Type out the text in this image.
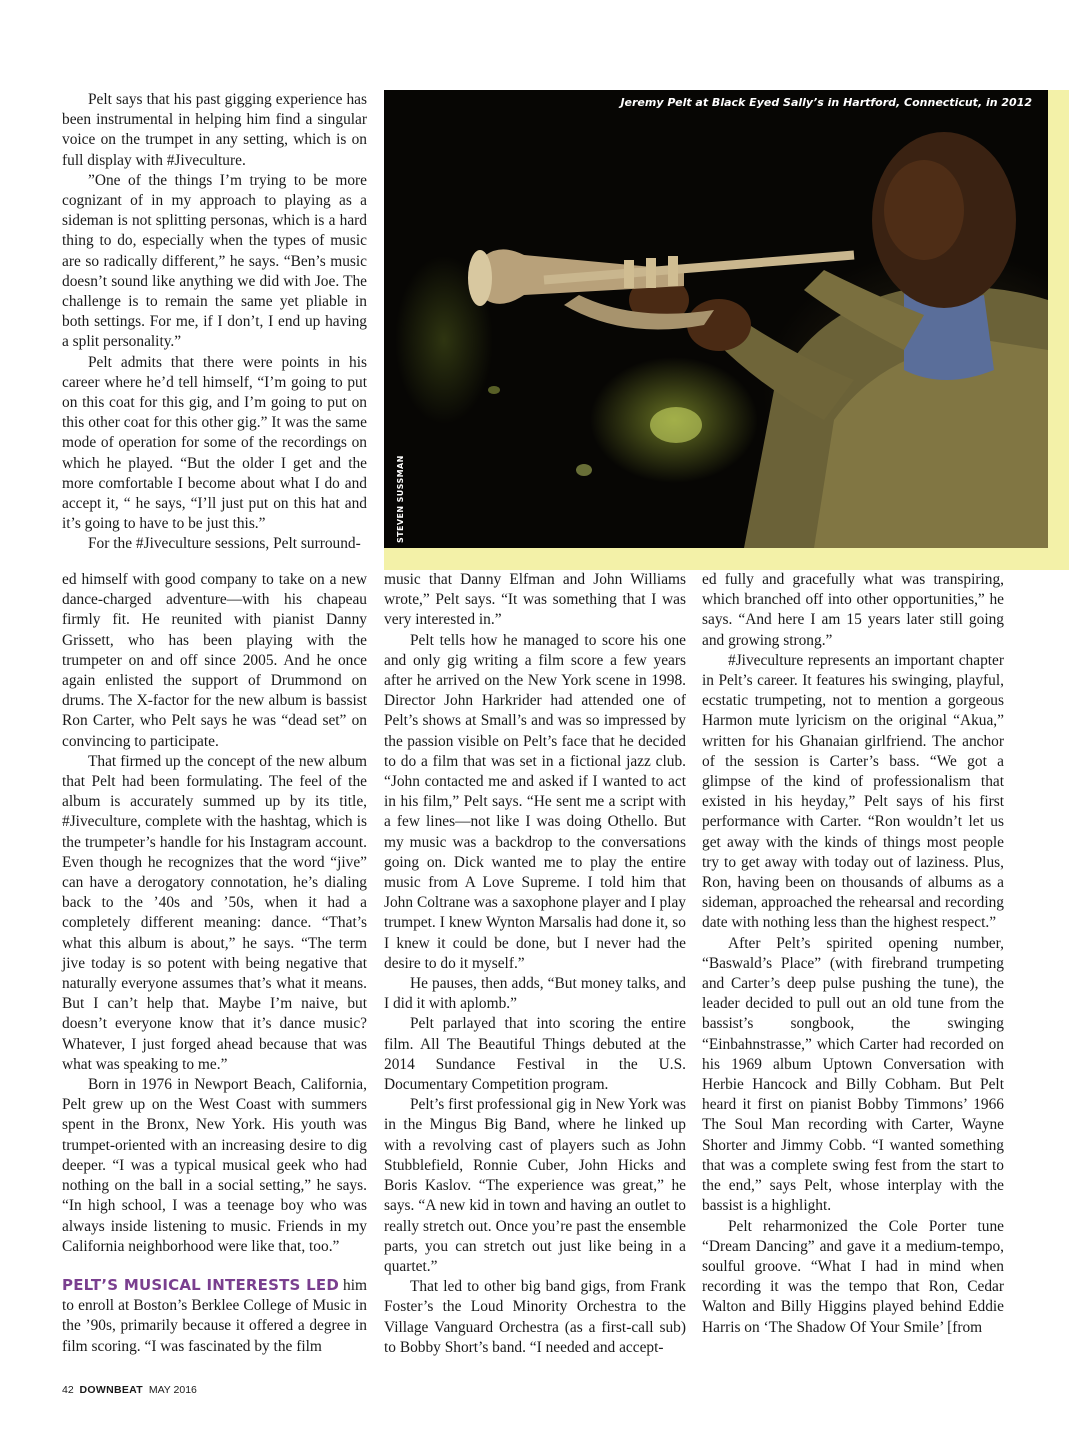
Jeremy Pelt at Black Eyed Sally’s in Hartford, Connecticut, in 2012
STEVEN SUSSMAN

Pelt says that his past gigging experience has been instrumental in helping him find a singular voice on the trumpet in any setting, which is on full display with #Jiveculture.

”One of the things I’m trying to be more cognizant of in my approach to playing as a sideman is not splitting personas, which is a hard thing to do, especially when the types of music are so radically different,” he says. “Ben’s music doesn’t sound like anything we did with Joe. The challenge is to remain the same yet pliable in both settings. For me, if I don’t, I end up having a split personality.”

Pelt admits that there were points in his career where he’d tell himself, “I’m going to put on this coat for this gig, and I’m going to put on this other coat for this other gig.” It was the same mode of operation for some of the recordings on which he played. “But the older I get and the more comfortable I become about what I do and accept it, “ he says, “I’ll just put on this hat and it’s going to have to be just this.”

For the #Jiveculture sessions, Pelt surround-

ed himself with good company to take on a new dance-charged adventure—with his chapeau firmly fit. He reunited with pianist Danny Grissett, who has been playing with the trumpeter on and off since 2005. And he once again enlisted the support of Drummond on drums. The X-factor for the new album is bassist Ron Carter, who Pelt says he was “dead set” on convincing to participate.

That firmed up the concept of the new album that Pelt had been formulating. The feel of the album is accurately summed up by its title, #Jiveculture, complete with the hashtag, which is the trumpeter’s handle for his Instagram account. Even though he recognizes that the word “jive” can have a derogatory connotation, he’s dialing back to the ’40s and ’50s, when it had a completely different meaning: dance. “That’s what this album is about,” he says. “The term jive today is so potent with being negative that naturally everyone assumes that’s what it means. But I can’t help that. Maybe I’m naive, but doesn’t everyone know that it’s dance music? Whatever, I just forged ahead because that was what was speaking to me.”

Born in 1976 in Newport Beach, California, Pelt grew up on the West Coast with summers spent in the Bronx, New York. His youth was trumpet-oriented with an increasing desire to dig deeper. “I was a typical musical geek who had nothing on the ball in a social setting,” he says. “In high school, I was a teenage boy who was always inside listening to music. Friends in my California neighborhood were like that, too.”

PELT’S MUSICAL INTERESTS LED him to enroll at Boston’s Berklee College of Music in the ’90s, primarily because it offered a degree in film scoring. “I was fascinated by the film

music that Danny Elfman and John Williams wrote,” Pelt says. “It was something that I was very interested in.”

Pelt tells how he managed to score his one and only gig writing a film score a few years after he arrived on the New York scene in 1998. Director John Harkrider had attended one of Pelt’s shows at Small’s and was so impressed by the passion visible on Pelt’s face that he decided to do a film that was set in a fictional jazz club. “John contacted me and asked if I wanted to act in his film,” Pelt says. “He sent me a script with a few lines—not like I was doing Othello. But my music was a backdrop to the conversations going on. Dick wanted me to play the entire music from A Love Supreme. I told him that John Coltrane was a saxophone player and I play trumpet. I knew Wynton Marsalis had done it, so I knew it could be done, but I never had the desire to do it myself.”

He pauses, then adds, “But money talks, and I did it with aplomb.”

Pelt parlayed that into scoring the entire film. All The Beautiful Things debuted at the 2014 Sundance Festival in the U.S. Documentary Competition program.

Pelt’s first professional gig in New York was in the Mingus Big Band, where he linked up with a revolving cast of players such as John Stubblefield, Ronnie Cuber, John Hicks and Boris Kaslov. “The experience was great,” he says. “A new kid in town and having an outlet to really stretch out. Once you’re past the ensemble parts, you can stretch out just like being in a quartet.”

That led to other big band gigs, from Frank Foster’s the Loud Minority Orchestra to the Village Vanguard Orchestra (as a first-call sub) to Bobby Short’s band. “I needed and accept-

ed fully and gracefully what was transpiring, which branched off into other opportunities,” he says. “And here I am 15 years later still going and growing strong.”

#Jiveculture represents an important chapter in Pelt’s career. It features his swinging, playful, ecstatic trumpeting, not to mention a gorgeous Harmon mute lyricism on the original “Akua,” written for his Ghanaian girlfriend. The anchor of the session is Carter’s bass. “We got a glimpse of the kind of professionalism that existed in his heyday,” Pelt says of his first performance with Carter. “Ron wouldn’t let us get away with the kinds of things most people try to get away with today out of laziness. Plus, Ron, having been on thousands of albums as a sideman, approached the rehearsal and recording date with nothing less than the highest respect.”

After Pelt’s spirited opening number, “Baswald’s Place” (with firebrand trumpeting and Carter’s deep pulse pushing the tune), the leader decided to pull out an old tune from the bassist’s songbook, the swinging “Einbahnstrasse,” which Carter had recorded on his 1969 album Uptown Conversation with Herbie Hancock and Billy Cobham. But Pelt heard it first on pianist Bobby Timmons’ 1966 The Soul Man recording with Carter, Wayne Shorter and Jimmy Cobb. “I wanted something that was a complete swing fest from the start to the end,” says Pelt, whose interplay with the bassist is a highlight.

Pelt reharmonized the Cole Porter tune “Dream Dancing” and gave it a medium-tempo, soulful groove. “What I had in mind when recording it was the tempo that Ron, Cedar Walton and Billy Higgins played behind Eddie Harris on ‘The Shadow Of Your Smile’ [from

42 DOWNBEAT MAY 2016
